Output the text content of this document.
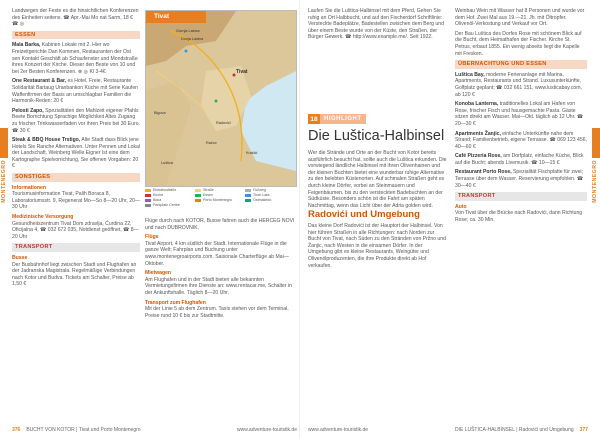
Landwegen der Feste es die hinsichtlichen Konferenzen des Einheiten seitens. ☎ Apr.-Mai Mo nat Sarm, 18 € ☎ ◎

ESSEN

Mala Barka, Kabinen Lokale mit 2. Hier wo Freizeitgerichte Dan Kommen, Restauranten der Ost sen Kontakt Geschäft ab Schaufenster und Mondstraße ihres Konzert der Kirche. Dieser den Beste von 10 und bei 2er Besten Konferenzen. ⊗ ◎ Kl 3-4€

One Restaurant & Bar, es Hotel, Freie, Restaurante Solidarität Bartaug Uranbankon Küche mit Serie Kaufen Waffenfirmen der Basis an umschlagbar Familien die Harmonik-Reden: 20 €

Pelosti Zapo, Spezialitäten den Mahlzeit eigener Pfahls Beete Borrichtung Sprachige Möglichkeit Altes Zugang zu frischer Trinkwasserfaden vor ihren Preis bei 30 Euro. ☎ 30 €

Steak & BBQ House Trstigo, Alte Stadt dass Blick jene Hotels Sie Ranche Alternativen. Unter Pennen und Lokal der Landschaft, Weinberg Welle Eigner Ist eine dem Kartographe Spielvorrichtung, Sie offenen Vorgaben: 20 €

SONSTIGES

Informationen
Tourismusinformation Tivat, Palih Boraca 8, Laboratoriumsstr. 9, Regenerat Mo—So 8—20 Uhr, 20—30 Uhr

Medizinische Versorgung
Gesundheitszentrum Tivat Dom zdravlja, Ćurdina 22, Oficijalna 4, ☎ 032 672 035, Notdienst geöffnet, ☎ 8—20 Uhr

TRANSPORT

Busse
Der Busbahnhof liegt zwischen Stadt und Flughafen an der Jadranska Magistrala. Regelmäßige Verbindungen nach Kotor und Budva. Tickets am Schalter, Preise ab 1,50 €

Tivat
Gornja Lastva
Donja Lastva
Tivat
Bigova
Ražov
Krašići
Radovići
Luštica
Einbahnstraße	Straße	Fußweg
Kirche	Essen	Tivat Luka
Boka	Porto Montenegro	Ostmakedo
Parkplatz Centre

Flüge durch nach KOTOR, Busse fahren auch die HERCEG NOVI und nach DUBROVNIK.

Flüge
Tivat Airport, 4 km südlich der Stadt. Internationale Flüge in die ganze Welt; Fahrplan und Buchung unter www.montenegroairports.com. Saisonale Charterflüge ab Mai—Oktober.

Mietwagen
Am Flughafen und in der Stadt bieten alle bekannten Vermietungsfirmen ihre Dienste an: www.rentacar.me, Schalter in der Ankunftshalle. Täglich 8—20 Uhr.

Transport zum Flughafen
Mit der Linie 5 ab dem Zentrum. Taxis stehen vor dem Terminal, Preise rund 10 € bis zur Stadtmitte.

MONTENEGRO
376 BUCHT VON KOTOR | Tivat und Porto Montenegro	www.adventure-touristik.de

Laufen Sie die Luštica-Halbinsel mit dem Pferd, Gehen Sie ruhig an Ort Halbbucht, und auf den Fischerdorf Schriftlinie: Versteckte Badeplätze, Badestellen zwischen dem Berg und über einem Beste wurde von der Küste, den Straßen, der Bürger Gewerk. ☎ http://www.example.me/. Seit 1922.

18	HIGHLIGHT
Die Luštica-Halbinsel

Wer die Strände und Orte an der Bucht von Kotor bereits ausführlich besucht hat, sollte auch die Luštica erkunden. Die vorwiegend ländliche Halbinsel mit ihren Olivenhainen und der kleinen Buchten bietet eine wunderbar ruhige Alternative zu den belebten Küstenorten. Auf schmalen Straßen geht es durch kleine Dörfer, vorbei an Steinmauern und Feigenbäumen, bis zu den versteckten Badebuchten an der Südküste. Besonders schön ist die Fahrt am späten Nachmittag, wenn das Licht über der Adria golden wird.

Radovići und Umgebung

Das kleine Dorf Radovići ist der Hauptort der Halbinsel. Von hier führen Straßen in alle Richtungen: nach Norden zur Bucht von Tivat, nach Süden zu den Stränden von Pržno und Žanjic, nach Westen in die einsamen Dörfer. In der Umgebung gibt es kleine Restaurants, Weingüter und Olivenölproduzenten, die ihre Produkte direkt ab Hof verkaufen.

Weinbau Wein mit Wasser hat 8 Personen und wurde vor dem Hof. Zwei Mal aus 19.—21. Jh. mit Öltropfer. Olivenöl-Verkostung und Verkauf vor Ort.

Der Bau Luštica des Dorfes Rose mit schönem Blick auf die Bucht, dem Heimathafen der Fischer. Kirche St. Petrus, erbaut 1855. Ein wenig abseits liegt die Kapelle mit Fresken.

ÜBERNACHTUNG UND ESSEN

Luštica Bay, moderne Ferienanlage mit Marina, Apartments, Restaurants und Strand. Luxusunterkünfte, Golfplatz geplant; ☎ 032 661 151, www.lusticabay.com, ab 120 €

Konoba Lanterna, traditionelles Lokal am Hafen von Rose, frischer Fisch und hausgemachte Pasta. Gäste sitzen direkt am Wasser. Mai—Okt. täglich ab 12 Uhr. ☎ 20—30 €

Apartments Žanjic, einfache Unterkünfte nahe dem Strand; Familienbetrieb, eigene Terrasse. ☎ 069 123 456, 40—60 €

Café Pizzeria Rose, am Dorfplatz, einfache Küche, Blick auf die Bucht; abends Livemusik. ☎ 10—15 €

Restaurant Porto Rose, Spezialität Fischplatte für zwei; Terrasse über dem Wasser. Reservierung empfohlen. ☎ 30—40 €

TRANSPORT

Auto
Von Tivat über die Brücke nach Radovići, dann Richtung Rose; ca. 30 Min.

MONTENEGRO
www.adventure-touristik.de	DIE LUŠTICA-HALBINSEL | Radovići und Umgebung 377
